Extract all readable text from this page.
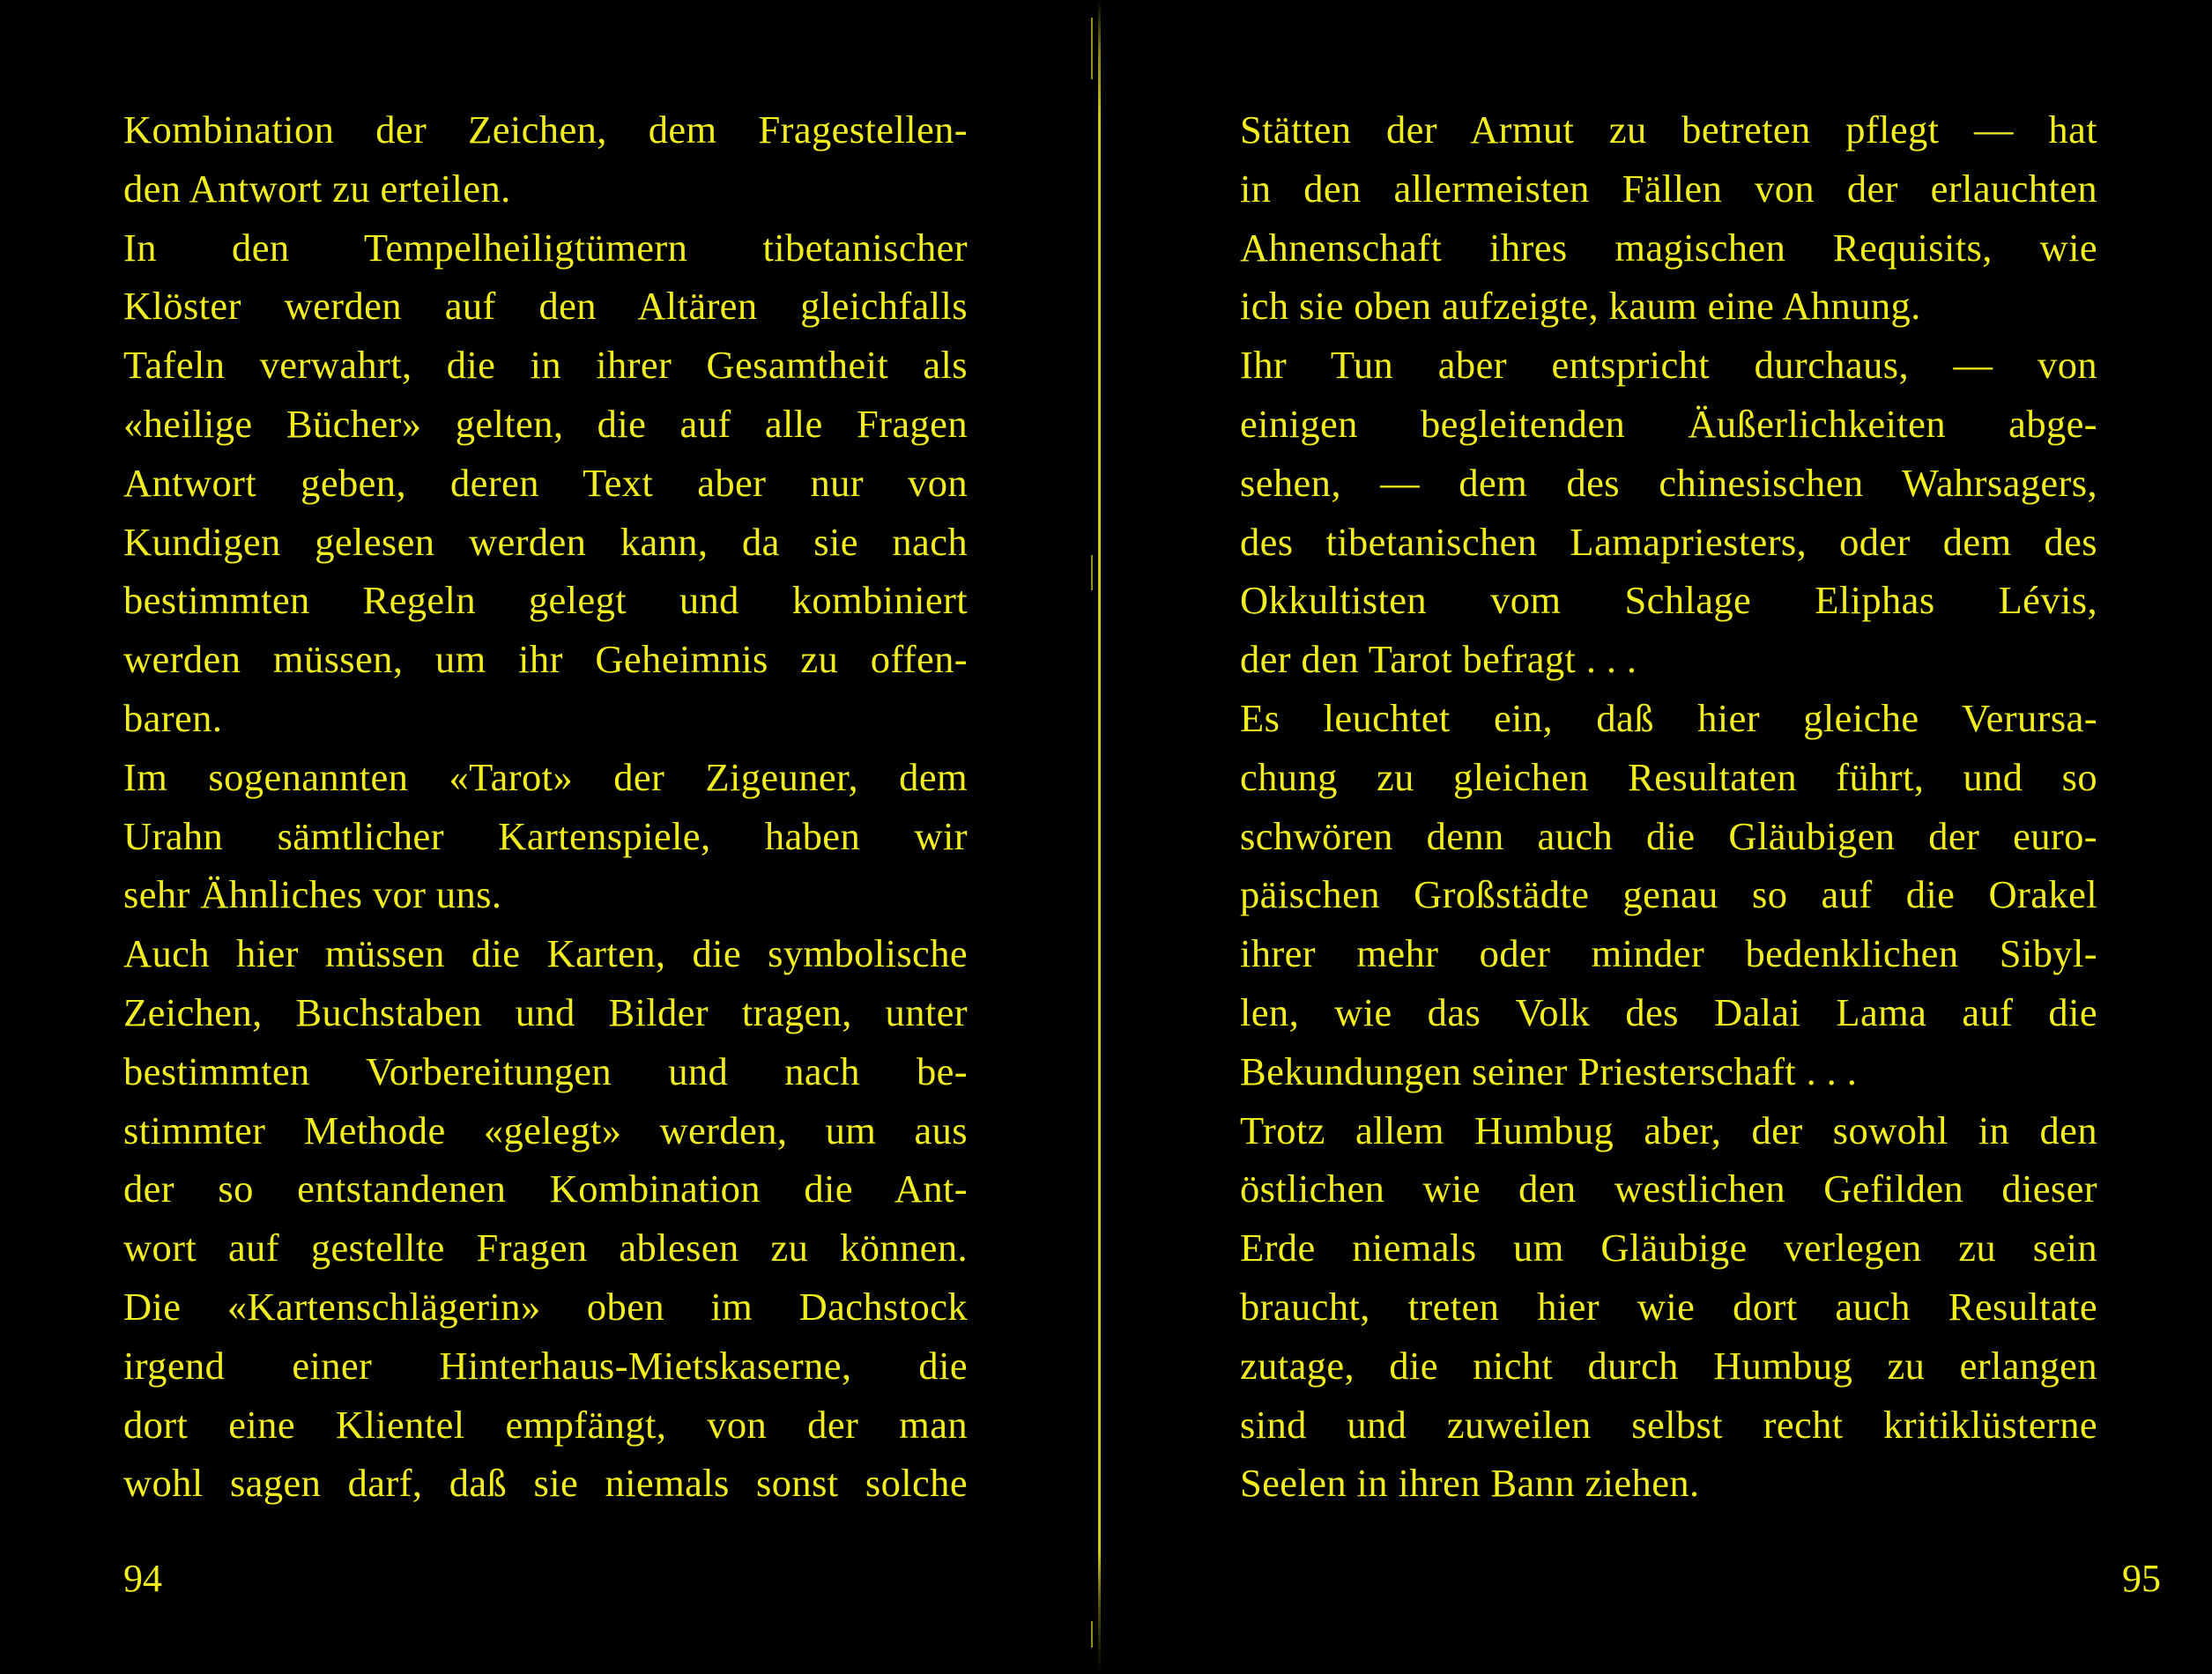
Kombination der Zeichen, dem Fragestellen-
den Antwort zu erteilen.
In den Tempelheiligtümern tibetanischer
Klöster werden auf den Altären gleichfalls
Tafeln verwahrt, die in ihrer Gesamtheit als
«heilige Bücher» gelten, die auf alle Fragen
Antwort geben, deren Text aber nur von
Kundigen gelesen werden kann, da sie nach
bestimmten Regeln gelegt und kombiniert
werden müssen, um ihr Geheimnis zu offen-
baren.
Im sogenannten «Tarot» der Zigeuner, dem
Urahn sämtlicher Kartenspiele, haben wir
sehr Ähnliches vor uns.
Auch hier müssen die Karten, die symbolische
Zeichen, Buchstaben und Bilder tragen, unter
bestimmten Vorbereitungen und nach be-
stimmter Methode «gelegt» werden, um aus
der so entstandenen Kombination die Ant-
wort auf gestellte Fragen ablesen zu können.
Die «Kartenschlägerin» oben im Dachstock
irgend einer Hinterhaus-Mietskaserne, die
dort eine Klientel empfängt, von der man
wohl sagen darf, daß sie niemals sonst solche
94
Stätten der Armut zu betreten pflegt — hat
in den allermeisten Fällen von der erlauchten
Ahnenschaft ihres magischen Requisits, wie
ich sie oben aufzeigte, kaum eine Ahnung.
Ihr Tun aber entspricht durchaus, — von
einigen begleitenden Äußerlichkeiten abge-
sehen, — dem des chinesischen Wahrsagers,
des tibetanischen Lamapriesters, oder dem des
Okkultisten vom Schlage Eliphas Lévis,
der den Tarot befragt . . .
Es leuchtet ein, daß hier gleiche Verursa-
chung zu gleichen Resultaten führt, und so
schwören denn auch die Gläubigen der euro-
päischen Großstädte genau so auf die Orakel
ihrer mehr oder minder bedenklichen Sibyl-
len, wie das Volk des Dalai Lama auf die
Bekundungen seiner Priesterschaft . . .
Trotz allem Humbug aber, der sowohl in den
östlichen wie den westlichen Gefilden dieser
Erde niemals um Gläubige verlegen zu sein
braucht, treten hier wie dort auch Resultate
zutage, die nicht durch Humbug zu erlangen
sind und zuweilen selbst recht kritiklüsterne
Seelen in ihren Bann ziehen.
95
